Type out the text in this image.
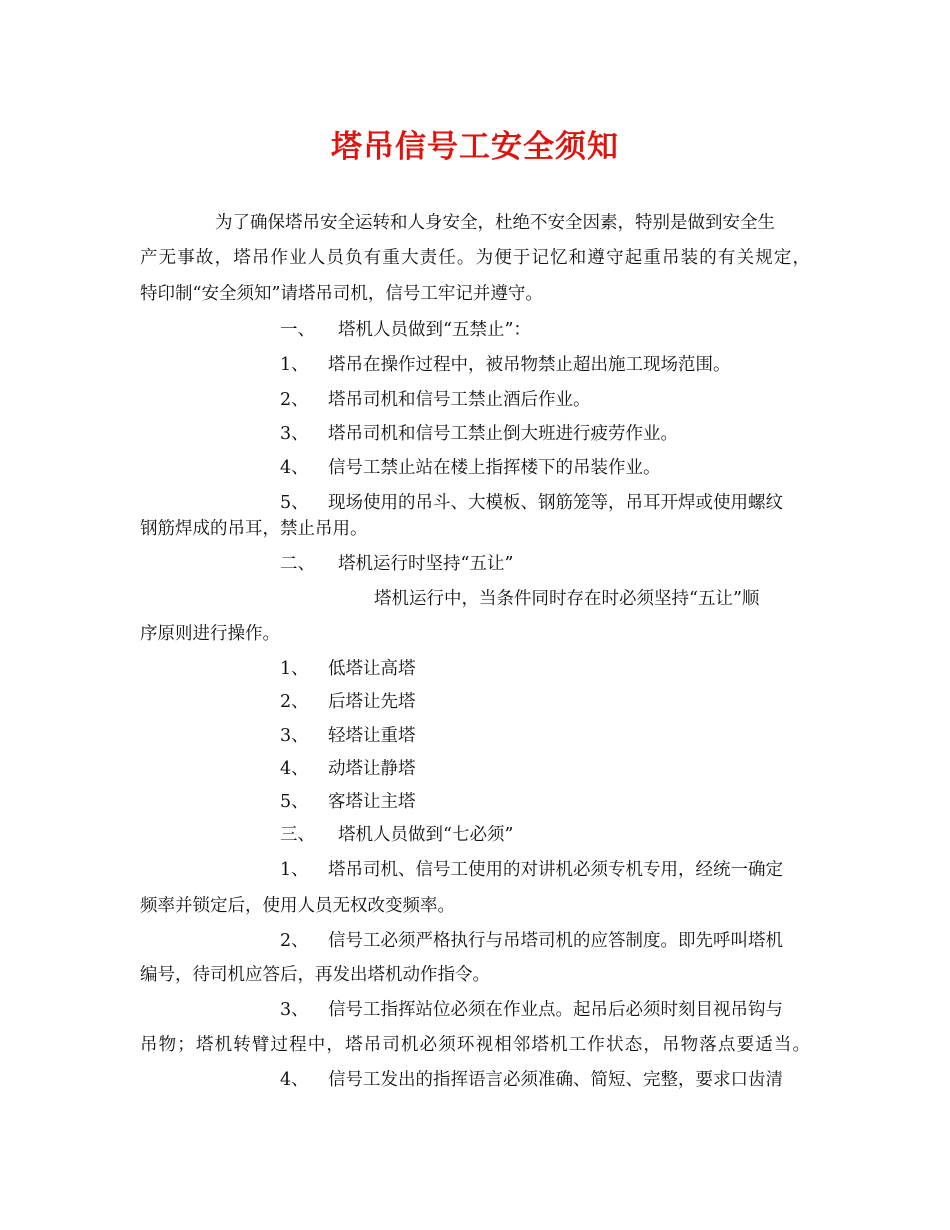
塔吊信号工安全须知
为了确保塔吊安全运转和人身安全，杜绝不安全因素，特别是做到安全生
产无事故，塔吊作业人员负有重大责任。为便于记忆和遵守起重吊装的有关规定，
特印制“安全须知”请塔吊司机，信号工牢记并遵守。
一、 塔机人员做到“五禁止”：
1、 塔吊在操作过程中，被吊物禁止超出施工现场范围。
2、 塔吊司机和信号工禁止酒后作业。
3、 塔吊司机和信号工禁止倒大班进行疲劳作业。
4、 信号工禁止站在楼上指挥楼下的吊装作业。
5、 现场使用的吊斗、大模板、钢筋笼等，吊耳开焊或使用螺纹
钢筋焊成的吊耳，禁止吊用。
二、 塔机运行时坚持“五让”
塔机运行中，当条件同时存在时必须坚持“五让”顺
序原则进行操作。
1、 低塔让高塔
2、 后塔让先塔
3、 轻塔让重塔
4、 动塔让静塔
5、 客塔让主塔
三、 塔机人员做到“七必须”
1、 塔吊司机、信号工使用的对讲机必须专机专用，经统一确定
频率并锁定后，使用人员无权改变频率。
2、 信号工必须严格执行与吊塔司机的应答制度。即先呼叫塔机
编号，待司机应答后，再发出塔机动作指令。
3、 信号工指挥站位必须在作业点。起吊后必须时刻目视吊钩与
吊物；塔机转臂过程中，塔吊司机必须环视相邻塔机工作状态，吊物落点要适当。
4、 信号工发出的指挥语言必须准确、简短、完整，要求口齿清
